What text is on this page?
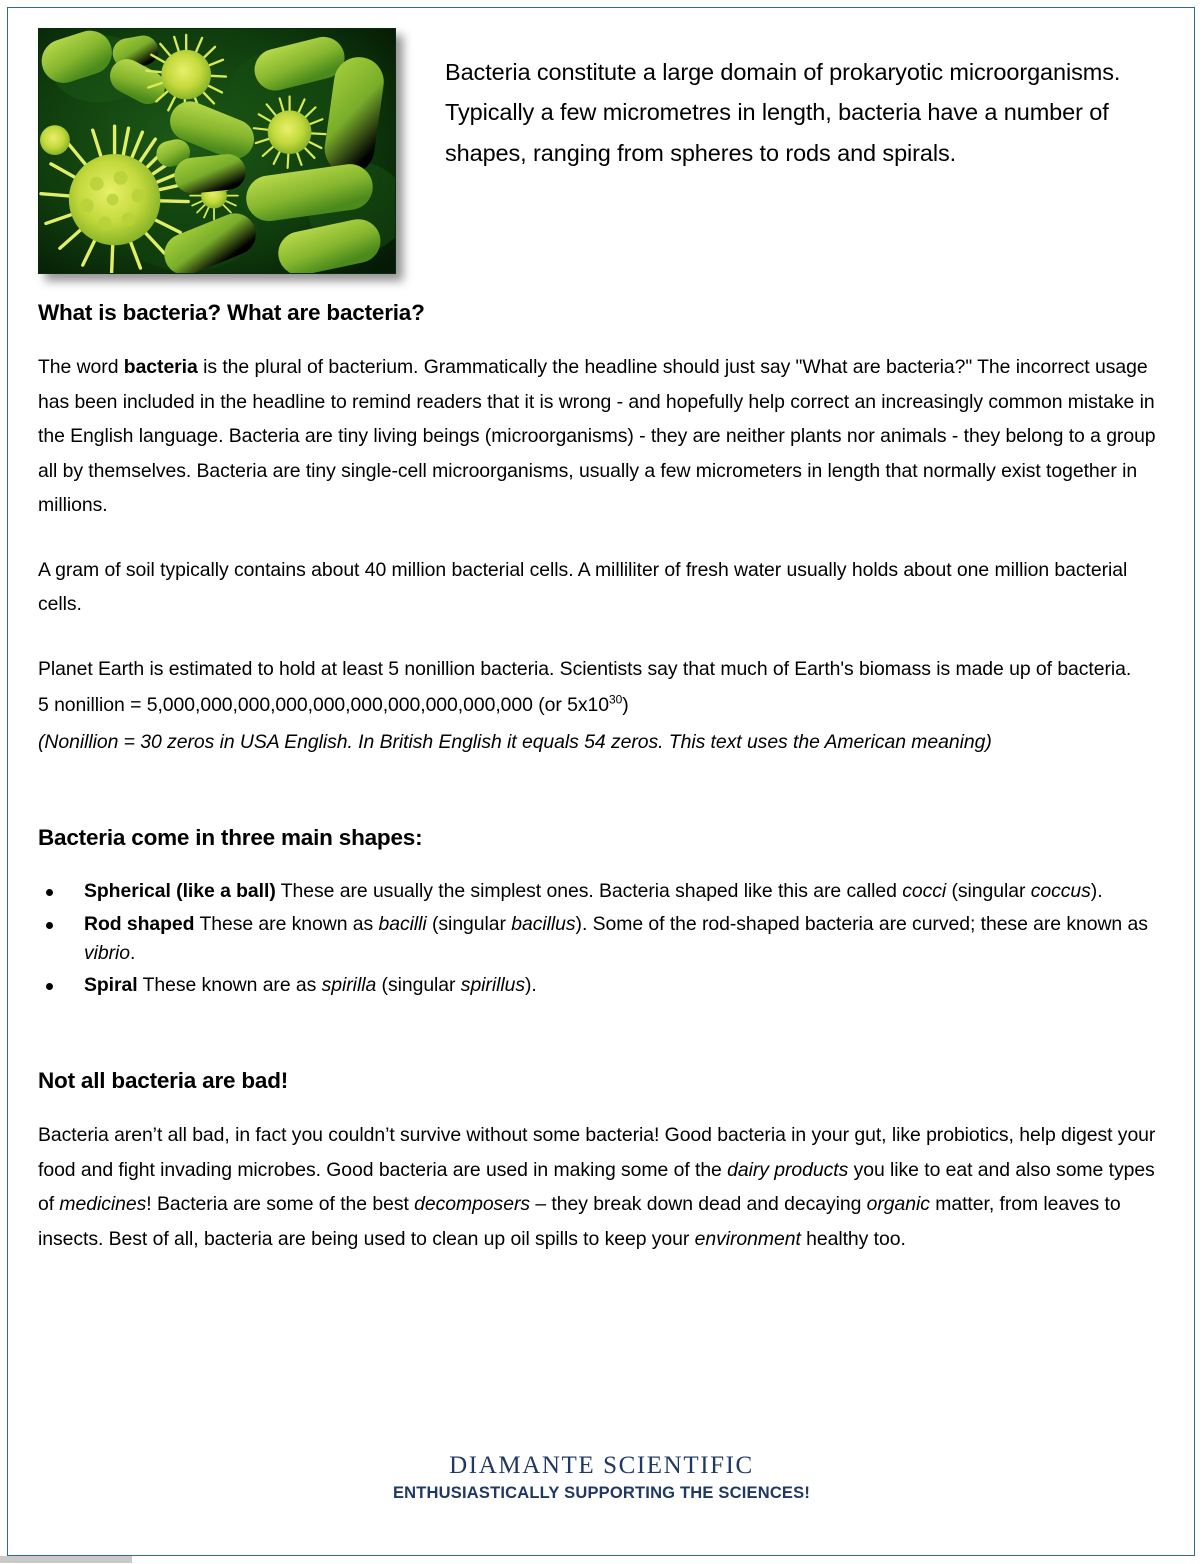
Bacteria constitute a large domain of prokaryotic microorganisms. Typically a few micrometres in length, bacteria have a number of shapes, ranging from spheres to rods and spirals.
What is bacteria? What are bacteria?

The word bacteria is the plural of bacterium. Grammatically the headline should just say "What are bacteria?" The incorrect usage has been included in the headline to remind readers that it is wrong - and hopefully help correct an increasingly common mistake in the English language. Bacteria are tiny living beings (microorganisms) - they are neither plants nor animals - they belong to a group all by themselves. Bacteria are tiny single-cell microorganisms, usually a few micrometers in length that normally exist together in millions.

A gram of soil typically contains about 40 million bacterial cells. A milliliter of fresh water usually holds about one million bacterial cells.

Planet Earth is estimated to hold at least 5 nonillion bacteria. Scientists say that much of Earth's biomass is made up of bacteria.

5 nonillion = 5,000,000,000,000,000,000,000,000,000,000 (or $5x10^{30}$)

(Nonillion = 30 zeros in USA English. In British English it equals 54 zeros. This text uses the American meaning)

Bacteria come in three main shapes:
Spherical (like a ball) These are usually the simplest ones. Bacteria shaped like this are called cocci (singular coccus).
Rod shaped These are known as bacilli (singular bacillus). Some of the rod-shaped bacteria are curved; these are known as vibrio.
Spiral These known are as spirilla (singular spirillus).
Not all bacteria are bad!

Bacteria aren’t all bad, in fact you couldn’t survive without some bacteria! Good bacteria in your gut, like probiotics, help digest your food and fight invading microbes. Good bacteria are used in making some of the dairy products you like to eat and also some types of medicines! Bacteria are some of the best decomposers – they break down dead and decaying organic matter, from leaves to insects. Best of all, bacteria are being used to clean up oil spills to keep your environment healthy too.

DIAMANTE SCIENTIFIC
ENTHUSIASTICALLY SUPPORTING THE SCIENCES!
